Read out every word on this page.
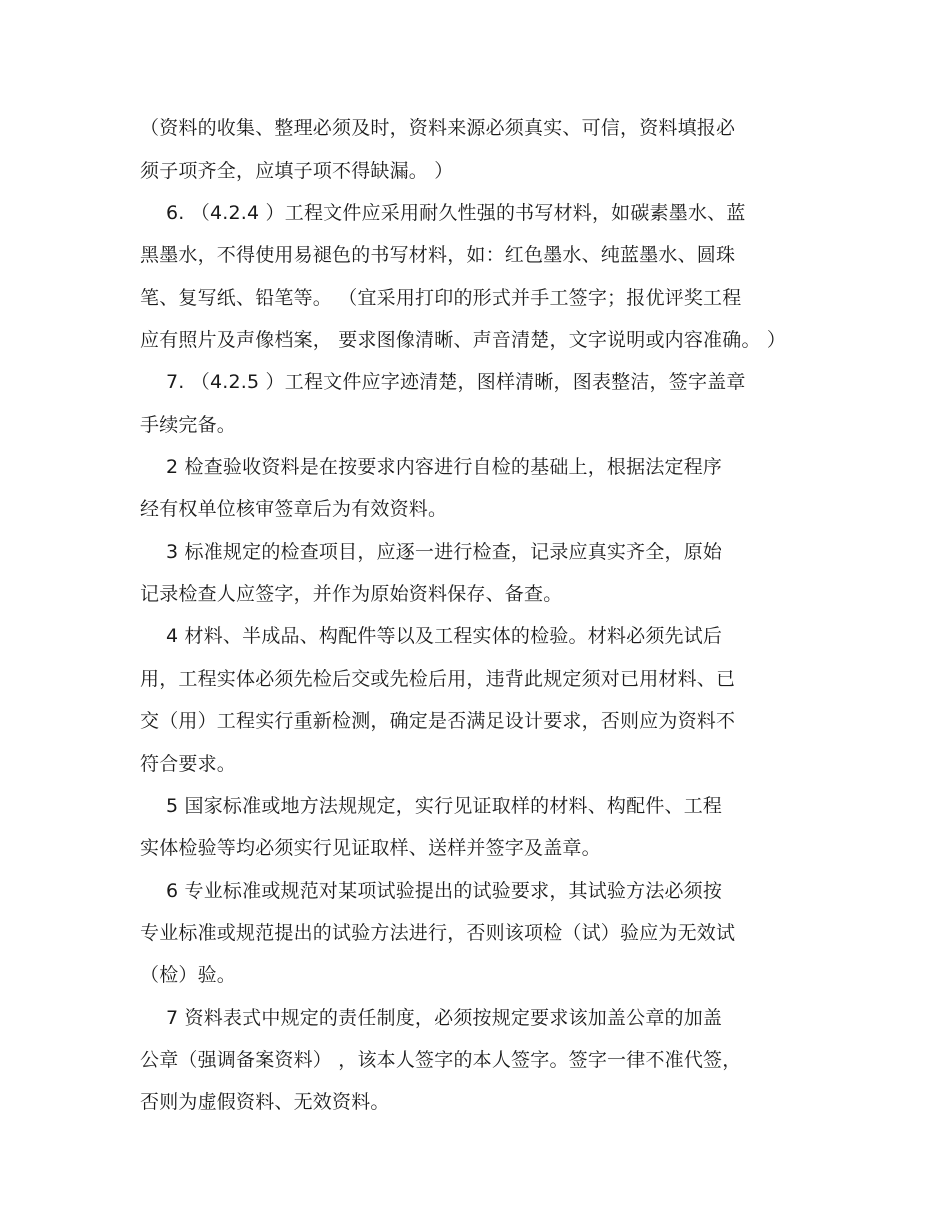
（资料的收集、整理必须及时，资料来源必须真实、可信，资料填报必
须子项齐全，应填子项不得缺漏。 ）
6. （4.2.4 ）工程文件应采用耐久性强的书写材料，如碳素墨水、蓝
黑墨水，不得使用易褪色的书写材料，如：红色墨水、纯蓝墨水、圆珠
笔、复写纸、铅笔等。 （宜采用打印的形式并手工签字；报优评奖工程
应有照片及声像档案， 要求图像清晰、声音清楚，文字说明或内容准确。 ）
7. （4.2.5 ）工程文件应字迹清楚，图样清晰，图表整洁，签字盖章
手续完备。
2 检查验收资料是在按要求内容进行自检的基础上，根据法定程序
经有权单位核审签章后为有效资料。
3 标准规定的检查项目，应逐一进行检查，记录应真实齐全，原始
记录检查人应签字，并作为原始资料保存、备查。
4 材料、半成品、构配件等以及工程实体的检验。材料必须先试后
用，工程实体必须先检后交或先检后用，违背此规定须对已用材料、已
交（用）工程实行重新检测，确定是否满足设计要求，否则应为资料不
符合要求。
5 国家标准或地方法规规定，实行见证取样的材料、构配件、工程
实体检验等均必须实行见证取样、送样并签字及盖章。
6 专业标准或规范对某项试验提出的试验要求，其试验方法必须按
专业标准或规范提出的试验方法进行，否则该项检（试）验应为无效试
（检）验。
7 资料表式中规定的责任制度，必须按规定要求该加盖公章的加盖
公章（强调备案资料） ，该本人签字的本人签字。签字一律不准代签，
否则为虚假资料、无效资料。
